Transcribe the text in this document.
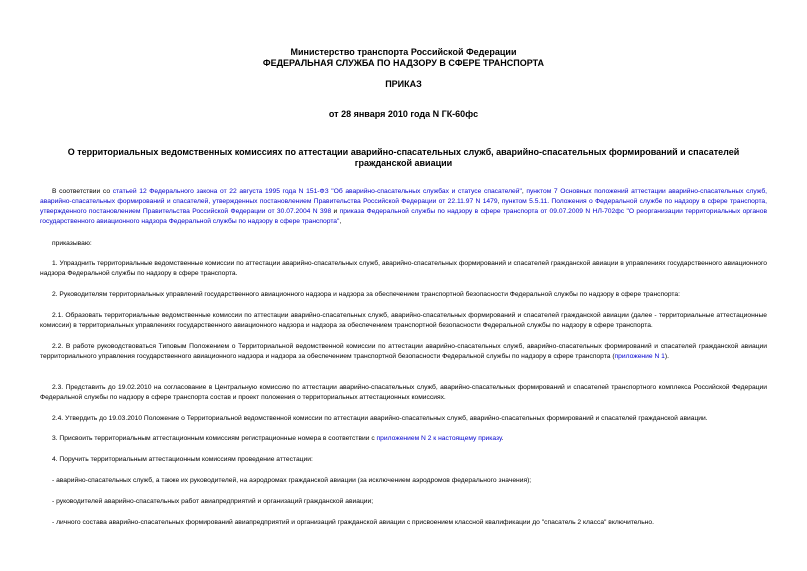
Министерство транспорта Российской Федерации
ФЕДЕРАЛЬНАЯ СЛУЖБА ПО НАДЗОРУ В СФЕРЕ ТРАНСПОРТА
ПРИКАЗ
от 28 января 2010 года N ГК-60фс
О территориальных ведомственных комиссиях по аттестации аварийно-спасательных служб, аварийно-спасательных формирований и спасателей гражданской авиации
В соответствии со статьей 12 Федерального закона от 22 августа 1995 года N 151-ФЗ "Об аварийно-спасательных службах и статусе спасателей", пунктом 7 Основных положений аттестации аварийно-спасательных служб, аварийно-спасательных формирований и спасателей, утвержденных постановлением Правительства Российской Федерации от 22.11.97 N 1479, пунктом 5.5.11. Положения о Федеральной службе по надзору в сфере транспорта, утвержденного постановлением Правительства Российской Федерации от 30.07.2004 N 398 и приказа Федеральной службы по надзору в сфере транспорта от 09.07.2009 N НЛ-702фс "О реорганизации территориальных органов государственного авиационного надзора Федеральной службы по надзору в сфере транспорта",
приказываю:
1. Упразднить территориальные ведомственные комиссии по аттестации аварийно-спасательных служб, аварийно-спасательных формирований и спасателей гражданской авиации в управлениях государственного авиационного надзора Федеральной службы по надзору в сфере транспорта.
2. Руководителям территориальных управлений государственного авиационного надзора и надзора за обеспечением транспортной безопасности Федеральной службы по надзору в сфере транспорта:
2.1. Образовать территориальные ведомственные комиссии по аттестации аварийно-спасательных служб, аварийно-спасательных формирований и спасателей гражданской авиации (далее - территориальные аттестационные комиссии) в территориальных управлениях государственного авиационного надзора и надзора за обеспечением транспортной безопасности Федеральной службы по надзору в сфере транспорта.
2.2. В работе руководствоваться Типовым Положением о Территориальной ведомственной комиссии по аттестации аварийно-спасательных служб, аварийно-спасательных формирований и спасателей гражданской авиации территориального управления государственного авиационного надзора и надзора за обеспечением транспортной безопасности Федеральной службы по надзору в сфере транспорта (приложение N 1).
2.3. Представить до 19.02.2010 на согласование в Центральную комиссию по аттестации аварийно-спасательных служб, аварийно-спасательных формирований и спасателей транспортного комплекса Российской Федерации Федеральной службы по надзору в сфере транспорта состав и проект положения о территориальных аттестационных комиссиях.
2.4. Утвердить до 19.03.2010 Положение о Территориальной ведомственной комиссии по аттестации аварийно-спасательных служб, аварийно-спасательных формирований и спасателей гражданской авиации.
3. Присвоить территориальным аттестационным комиссиям регистрационные номера в соответствии с приложением N 2 к настоящему приказу.
4. Поручить территориальным аттестационным комиссиям проведение аттестации:
- аварийно-спасательных служб, а также их руководителей, на аэродромах гражданской авиации (за исключением аэродромов федерального значения);
- руководителей аварийно-спасательных работ авиапредприятий и организаций гражданской авиации;
- личного состава аварийно-спасательных формирований авиапредприятий и организаций гражданской авиации с присвоением классной квалификации до "спасатель 2 класса" включительно.
